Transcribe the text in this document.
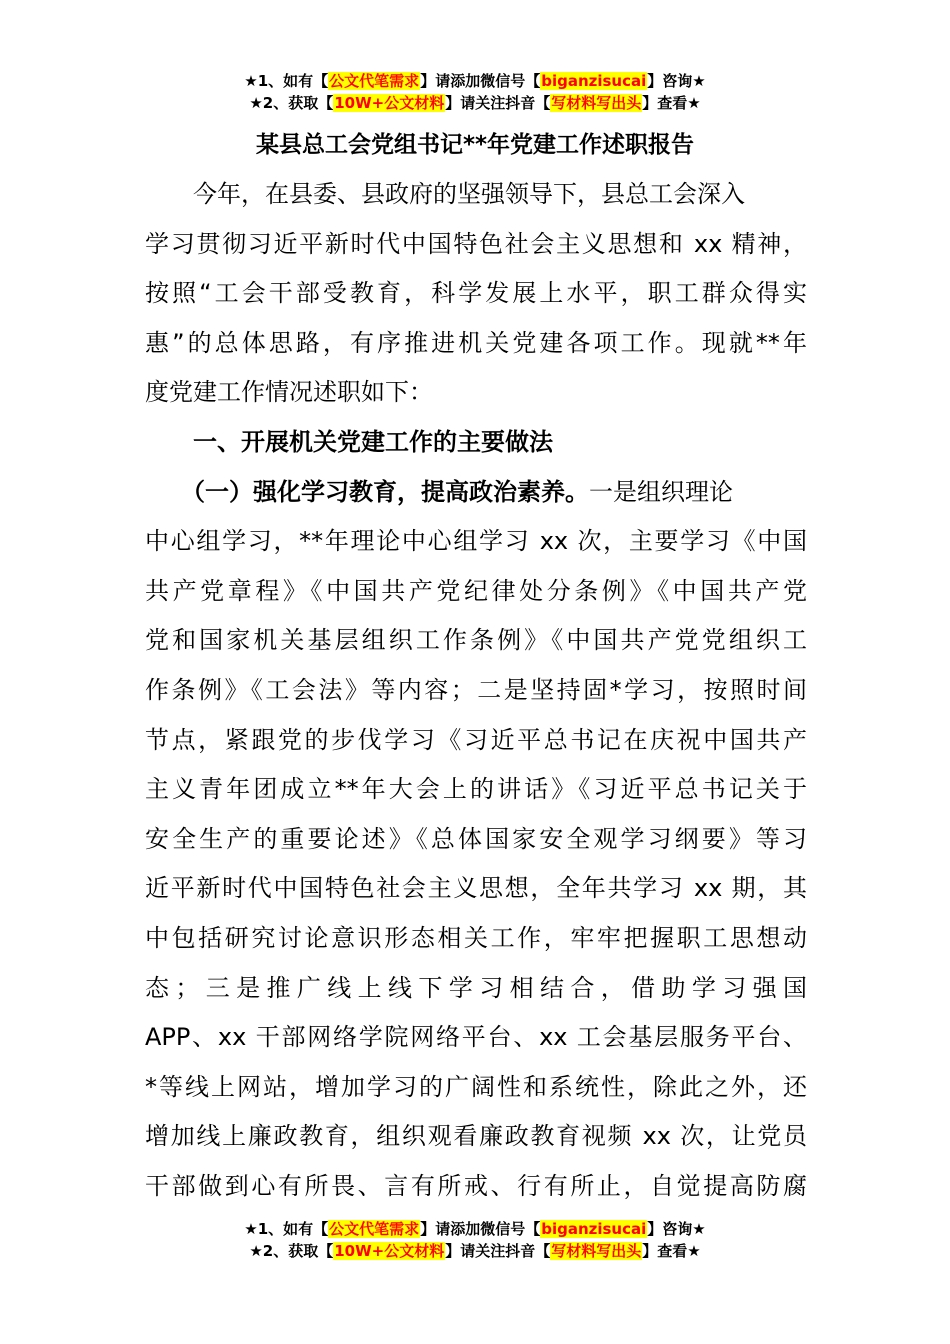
★1、如有【公文代笔需求】请添加微信号【biganzisucai】咨询★
★2、获取【10W+公文材料】请关注抖音【写材料写出头】查看★
某县总工会党组书记**年党建工作述职报告
　　今年，在县委、县政府的坚强领导下，县总工会深入
学习贯彻习近平新时代中国特色社会主义思想和 xx 精神，
按照“工会干部受教育，科学发展上水平，职工群众得实
惠”的总体思路，有序推进机关党建各项工作。现就**年
度党建工作情况述职如下：
　　一、开展机关党建工作的主要做法
　　（一）强化学习教育，提高政治素养。一是组织理论
中心组学习，**年理论中心组学习 xx 次，主要学习《中国
共产党章程》《中国共产党纪律处分条例》《中国共产党
党和国家机关基层组织工作条例》《中国共产党党组织工
作条例》《工会法》等内容；二是坚持固*学习，按照时间
节点，紧跟党的步伐学习《习近平总书记在庆祝中国共产
主义青年团成立**年大会上的讲话》《习近平总书记关于
安全生产的重要论述》《总体国家安全观学习纲要》等习
近平新时代中国特色社会主义思想，全年共学习 xx 期，其
中包括研究讨论意识形态相关工作，牢牢把握职工思想动
态；三是推广线上线下学习相结合，借助学习强国
APP、xx 干部网络学院网络平台、xx 工会基层服务平台、
*等线上网站，增加学习的广阔性和系统性，除此之外，还
增加线上廉政教育，组织观看廉政教育视频 xx 次，让党员
干部做到心有所畏、言有所戒、行有所止，自觉提高防腐
★1、如有【公文代笔需求】请添加微信号【biganzisucai】咨询★
★2、获取【10W+公文材料】请关注抖音【写材料写出头】查看★
